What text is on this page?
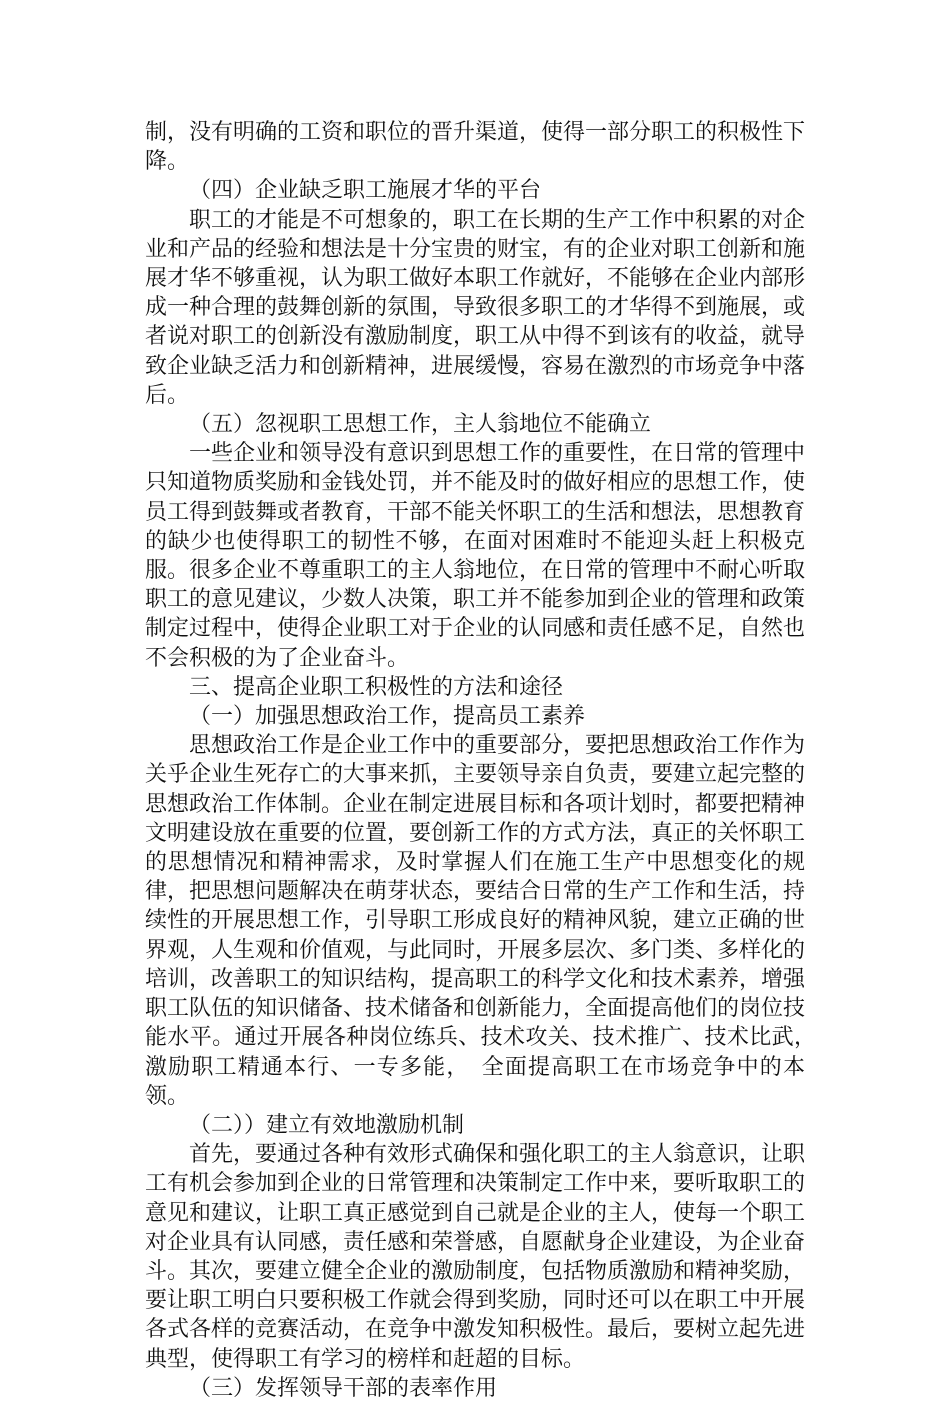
制，没有明确的工资和职位的晋升渠道，使得一部分职工的积极性下降。

（四）企业缺乏职工施展才华的平台

职工的才能是不可想象的，职工在长期的生产工作中积累的对企业和产品的经验和想法是十分宝贵的财宝，有的企业对职工创新和施展才华不够重视，认为职工做好本职工作就好，不能够在企业内部形成一种合理的鼓舞创新的氛围，导致很多职工的才华得不到施展，或者说对职工的创新没有激励制度，职工从中得不到该有的收益，就导致企业缺乏活力和创新精神，进展缓慢，容易在激烈的市场竞争中落后。

（五）忽视职工思想工作，主人翁地位不能确立

一些企业和领导没有意识到思想工作的重要性，在日常的管理中只知道物质奖励和金钱处罚，并不能及时的做好相应的思想工作，使员工得到鼓舞或者教育，干部不能关怀职工的生活和想法，思想教育的缺少也使得职工的韧性不够，在面对困难时不能迎头赶上积极克服。很多企业不尊重职工的主人翁地位，在日常的管理中不耐心听取职工的意见建议，少数人决策，职工并不能参加到企业的管理和政策制定过程中，使得企业职工对于企业的认同感和责任感不足，自然也不会积极的为了企业奋斗。

三、提高企业职工积极性的方法和途径

（一）加强思想政治工作，提高员工素养

思想政治工作是企业工作中的重要部分，要把思想政治工作作为关乎企业生死存亡的大事来抓，主要领导亲自负责，要建立起完整的思想政治工作体制。企业在制定进展目标和各项计划时，都要把精神文明建设放在重要的位置，要创新工作的方式方法，真正的关怀职工的思想情况和精神需求，及时掌握人们在施工生产中思想变化的规律，把思想问题解决在萌芽状态，要结合日常的生产工作和生活，持续性的开展思想工作，引导职工形成良好的精神风貌，建立正确的世界观，人生观和价值观，与此同时，开展多层次、多门类、多样化的培训，改善职工的知识结构，提高职工的科学文化和技术素养，增强职工队伍的知识储备、技术储备和创新能力，全面提高他们的岗位技能水平。通过开展各种岗位练兵、技术攻关、技术推广、技术比武，　激励职工精通本行、一专多能，　全面提高职工在市场竞争中的本领。

（二））建立有效地激励机制

首先，要通过各种有效形式确保和强化职工的主人翁意识，让职工有机会参加到企业的日常管理和决策制定工作中来，要听取职工的意见和建议，让职工真正感觉到自己就是企业的主人，使每一个职工对企业具有认同感，责任感和荣誉感，自愿献身企业建设，为企业奋斗。其次，要建立健全企业的激励制度，包括物质激励和精神奖励，要让职工明白只要积极工作就会得到奖励，同时还可以在职工中开展各式各样的竞赛活动，在竞争中激发知积极性。最后，要树立起先进典型，使得职工有学习的榜样和赶超的目标。

（三）发挥领导干部的表率作用
